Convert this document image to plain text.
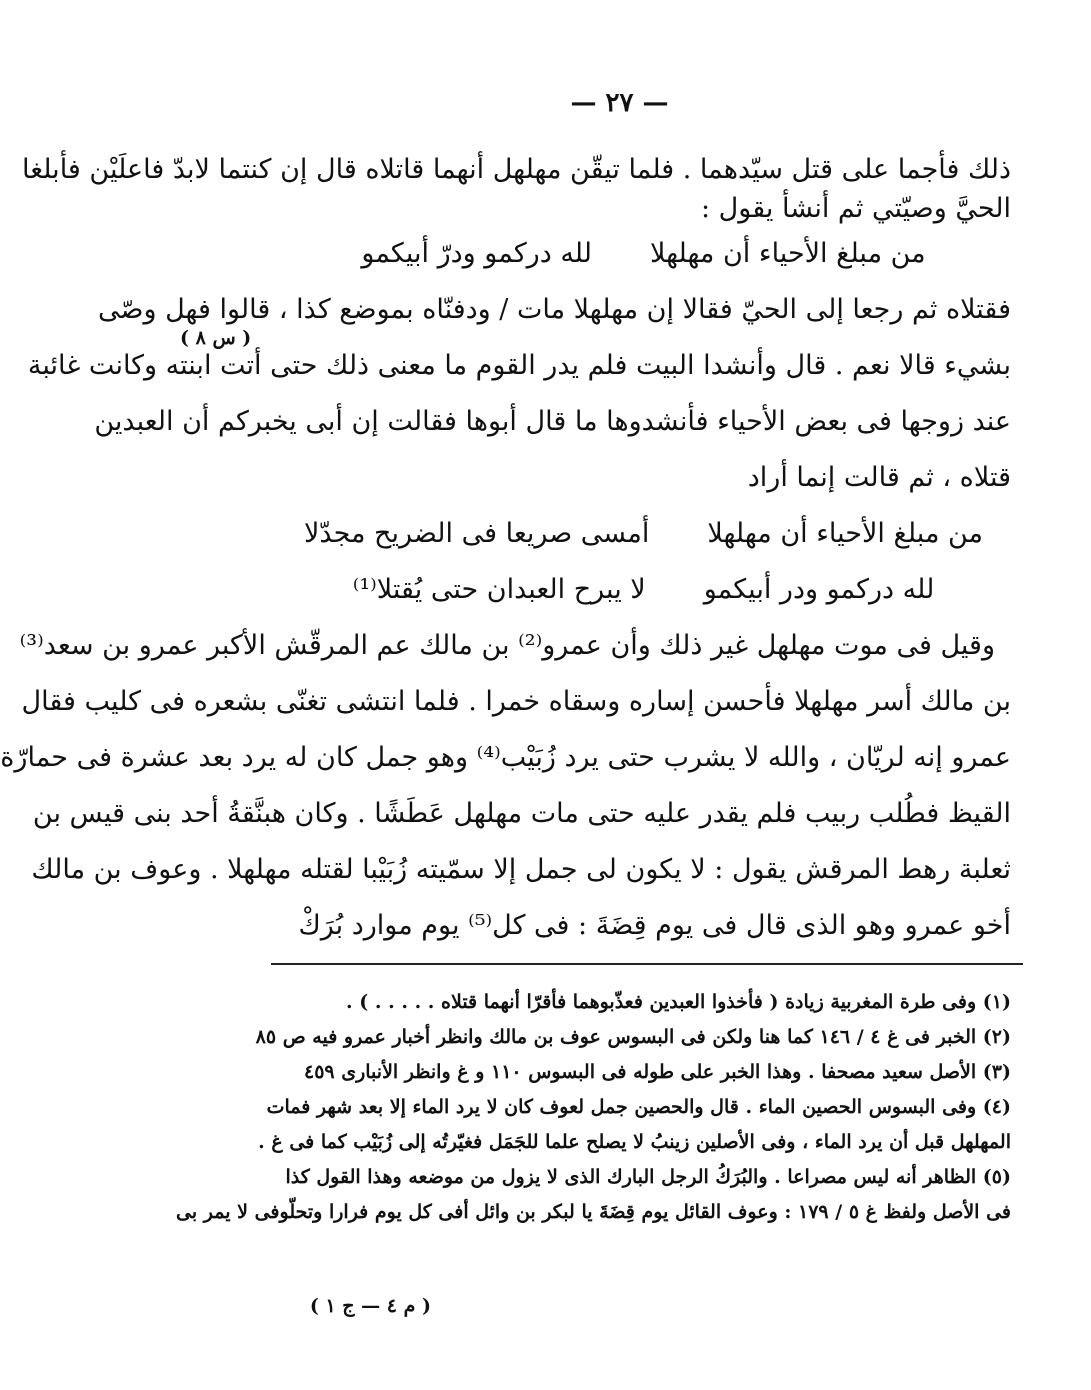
— ٢٧ —
( س ٨ )
ذلك فأجما على قتل سيّدهما . فلما تيقّن مهلهل أنهما قاتلاه قال إن كنتما لابدّ فاعلَيْن فأبلغا
الحيَّ وصيّتي ثم أنشأ يقول :
من مبلغ الأحياء أن مهلهلا
لله دركمو ودرّ أبيكمو
فقتلاه ثم رجعا إلى الحيّ فقالا إن مهلهلا مات / ودفنّاه بموضع كذا ، قالوا فهل وصّى
بشيء قالا نعم . قال وأنشدا البيت فلم يدر القوم ما معنى ذلك حتى أتت ابنته وكانت غائبة
عند زوجها فى بعض الأحياء فأنشدوها ما قال أبوها فقالت إن أبى يخبركم أن العبدين
قتلاه ، ثم قالت إنما أراد
من مبلغ الأحياء أن مهلهلا
أمسى صريعا فى الضريح مجدّلا
لله دركمو ودر أبيكمو
لا يبرح العبدان حتى يُقتلا⁽¹⁾
وقيل فى موت مهلهل غير ذلك وأن عمرو⁽²⁾ بن مالك عم المرقّش الأكبر عمرو بن سعد⁽³⁾
بن مالك أسر مهلهلا فأحسن إساره وسقاه خمرا . فلما انتشى تغنّى بشعره فى كليب فقال
عمرو إنه لريّان ، والله لا يشرب حتى يرد زُبَيْب⁽⁴⁾ وهو جمل كان له يرد بعد عشرة فى حمارّة
القيظ فطُلب ربيب فلم يقدر عليه حتى مات مهلهل عَطَشًا . وكان هبنَّقةُ أحد بنى قيس بن
ثعلبة رهط المرقش يقول : لا يكون لى جمل إلا سمّيته زُبَيْبا لقتله مهلهلا . وعوف بن مالك
أخو عمرو وهو الذى قال فى يوم قِضَةَ : فى كل⁽⁵⁾ يوم موارد بُرَكْ
(١) وفى طرة المغربية زيادة ( فأخذوا العبدين فعذّبوهما فأقرّا أنهما قتلاه . . . . . ) .
(٢) الخبر فى غ ٤ / ١٤٦ كما هنا ولكن فى البسوس عوف بن مالك وانظر أخبار عمرو فيه ص ٨٥
(٣) الأصل سعيد مصحفا . وهذا الخبر على طوله فى البسوس ١١٠ و غ وانظر الأنبارى ٤٥٩
(٤) وفى البسوس الحصين الماء . قال والحصين جمل لعوف كان لا يرد الماء إلا بعد شهر فمات
المهلهل قبل أن يرد الماء ، وفى الأصلين زينبُ لا يصلح علما للجَمَل فغيّرتُه إلى زُبَيْب كما فى غ .
(٥) الظاهر أنه ليس مصراعا . والبُرَكُ الرجل البارك الذى لا يزول من موضعه وهذا القول كذا
فى الأصل ولفظ غ ٥ / ١٧٩ : وعوف القائل يوم قِضَةَ يا لبكر بن وائل أفى كل يوم فرارا وتحلّوفى لا يمر بى
( م ٤ — ج ١ )
